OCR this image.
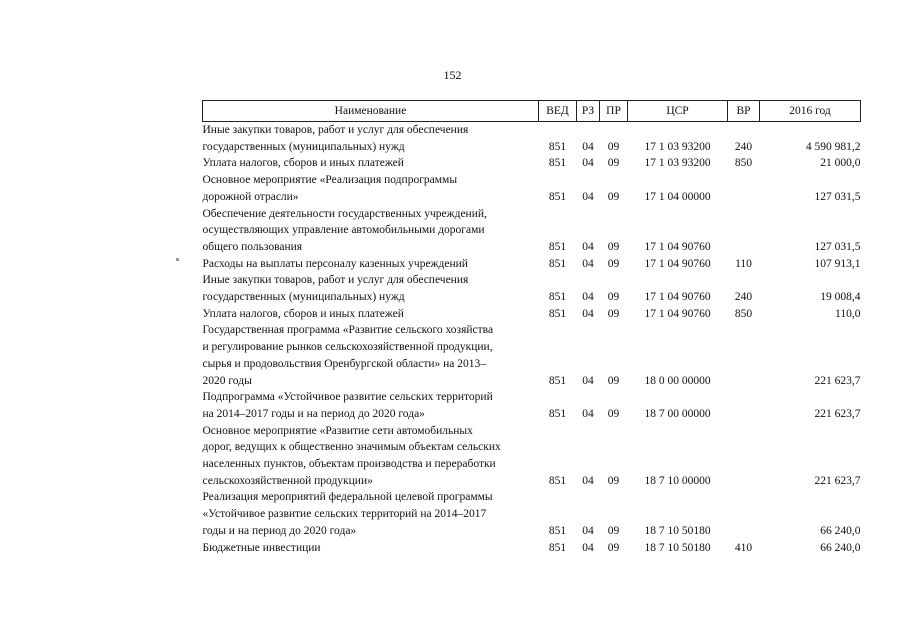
152
Наименование	ВЕД	РЗ	ПР	ЦСР	ВР	2016 год
Иные закупки товаров, работ и услуг для обеспечения
государственных (муниципальных) нужд	851	04	09	17 1 03 93200	240	4 590 981,2
Уплата налогов, сборов и иных платежей	851	04	09	17 1 03 93200	850	21 000,0
Основное мероприятие «Реализация подпрограммы
дорожной отрасли»	851	04	09	17 1 04 00000		127 031,5
Обеспечение деятельности государственных учреждений,
осуществляющих управление автомобильными дорогами
общего пользования	851	04	09	17 1 04 90760		127 031,5
Расходы на выплаты персоналу казенных учреждений	851	04	09	17 1 04 90760	110	107 913,1
Иные закупки товаров, работ и услуг для обеспечения
государственных (муниципальных) нужд	851	04	09	17 1 04 90760	240	19 008,4
Уплата налогов, сборов и иных платежей	851	04	09	17 1 04 90760	850	110,0
Государственная программа «Развитие сельского хозяйства
и регулирование рынков сельскохозяйственной продукции,
сырья и продовольствия Оренбургской области» на 2013–
2020 годы	851	04	09	18 0 00 00000		221 623,7
Подпрограмма «Устойчивое развитие сельских территорий
на 2014–2017 годы и на период до 2020 года»	851	04	09	18 7 00 00000		221 623,7
Основное мероприятие «Развитие сети автомобильных
дорог, ведущих к общественно значимым объектам сельских
населенных пунктов, объектам производства и переработки
сельскохозяйственной продукции»	851	04	09	18 7 10 00000		221 623,7
Реализация мероприятий федеральной целевой программы
«Устойчивое развитие сельских территорий на 2014–2017
годы и на период до 2020 года»	851	04	09	18 7 10 50180		66 240,0
Бюджетные инвестиции	851	04	09	18 7 10 50180	410	66 240,0
